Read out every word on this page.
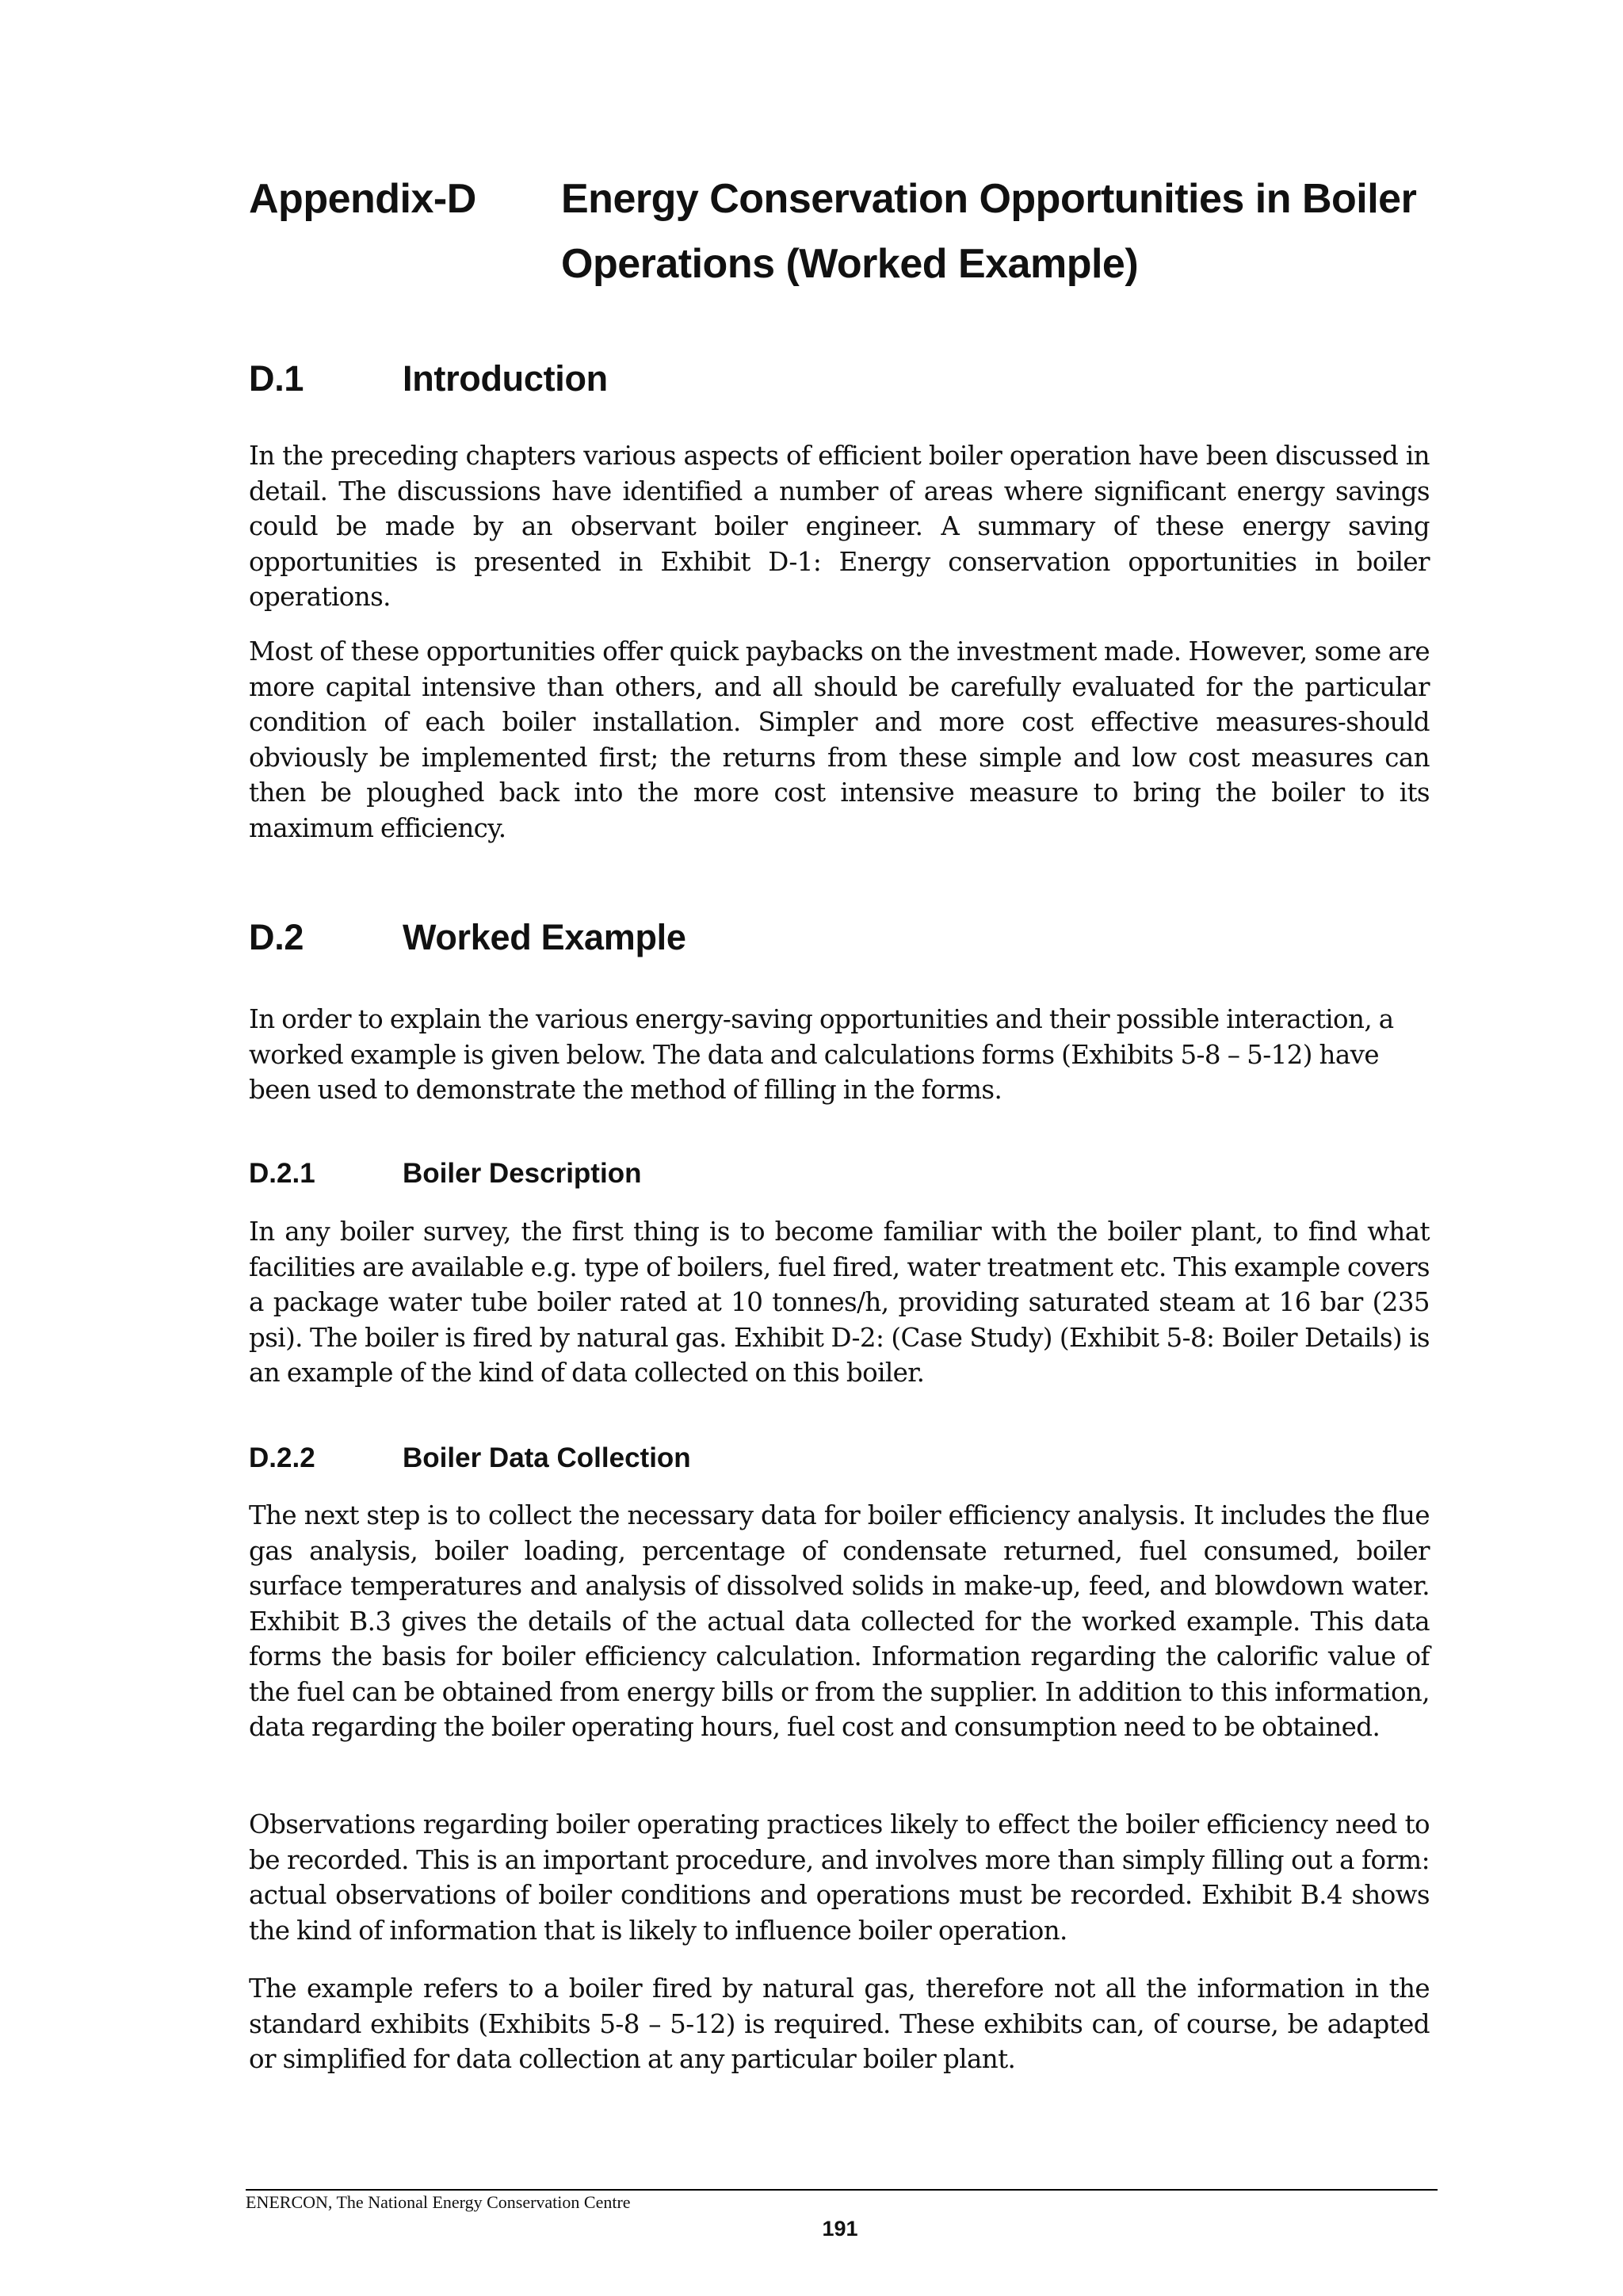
Appendix-D Energy Conservation Opportunities in Boiler Operations (Worked Example)
D.1	Introduction

In the preceding chapters various aspects of efficient boiler operation have been discussed in detail. The discussions have identified a number of areas where significant energy savings could be made by an observant boiler engineer. A summary of these energy saving opportunities is presented in Exhibit D-1: Energy conservation opportunities in boiler operations.

Most of these opportunities offer quick paybacks on the investment made. However, some are more capital intensive than others, and all should be carefully evaluated for the particular condition of each boiler installation. Simpler and more cost effective measures-should obviously be implemented first; the returns from these simple and low cost measures can then be ploughed back into the more cost intensive measure to bring the boiler to its maximum efficiency.

D.2	Worked Example

In order to explain the various energy-saving opportunities and their possible interaction, a worked example is given below. The data and calculations forms (Exhibits 5-8 – 5-12) have been used to demonstrate the method of filling in the forms.

D.2.1	Boiler Description

In any boiler survey, the first thing is to become familiar with the boiler plant, to find what facilities are available e.g. type of boilers, fuel fired, water treatment etc. This example covers a package water tube boiler rated at 10 tonnes/h, providing saturated steam at 16 bar (235 psi). The boiler is fired by natural gas. Exhibit D-2: (Case Study) (Exhibit 5-8: Boiler Details) is an example of the kind of data collected on this boiler.

D.2.2	Boiler Data Collection

The next step is to collect the necessary data for boiler efficiency analysis. It includes the flue gas analysis, boiler loading, percentage of condensate returned, fuel consumed, boiler surface temperatures and analysis of dissolved solids in make-up, feed, and blowdown water. Exhibit B.3 gives the details of the actual data collected for the worked example. This data forms the basis for boiler efficiency calculation. Information regarding the calorific value of the fuel can be obtained from energy bills or from the supplier. In addition to this information, data regarding the boiler operating hours, fuel cost and consumption need to be obtained.

Observations regarding boiler operating practices likely to effect the boiler efficiency need to be recorded. This is an important procedure, and involves more than simply filling out a form: actual observations of boiler conditions and operations must be recorded. Exhibit B.4 shows the kind of information that is likely to influence boiler operation.

The example refers to a boiler fired by natural gas, therefore not all the information in the standard exhibits (Exhibits 5-8 – 5-12) is required. These exhibits can, of course, be adapted or simplified for data collection at any particular boiler plant.

ENERCON, The National Energy Conservation Centre
191
